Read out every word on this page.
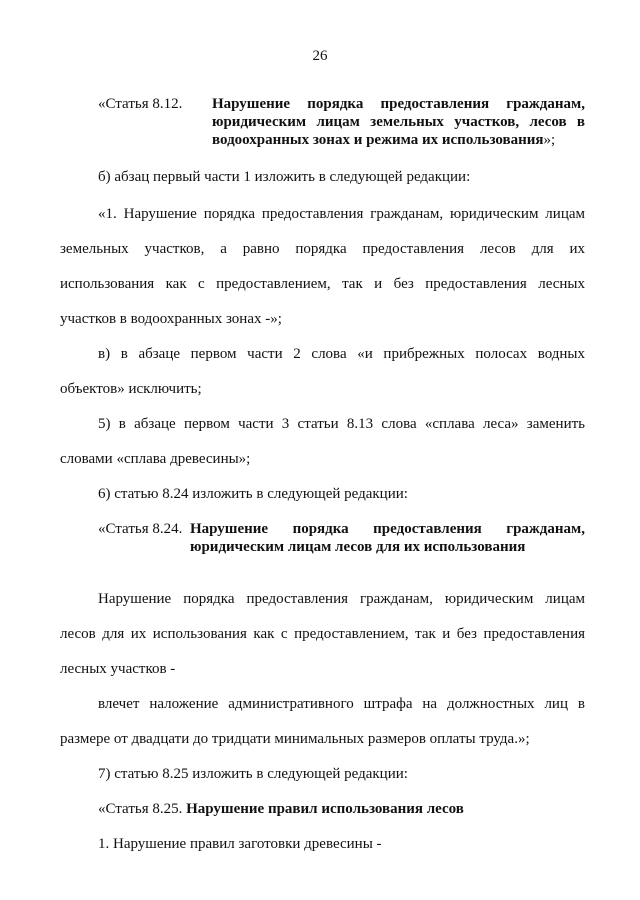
26
«Статья 8.12. Нарушение порядка предоставления гражданам,
юридическим лицам земельных участков, лесов в
водоохранных зонах и режима их использования»;
б) абзац первый части 1 изложить в следующей редакции:
«1. Нарушение порядка предоставления гражданам, юридическим лицам
земельных участков, а равно порядка предоставления лесов для их
использования как с предоставлением, так и без предоставления лесных
участков в водоохранных зонах -»;
в) в абзаце первом части 2 слова «и прибрежных полосах водных
объектов» исключить;
5) в абзаце первом части 3 статьи 8.13 слова «сплава леса» заменить
словами «сплава древесины»;
6) статью 8.24 изложить в следующей редакции:
«Статья 8.24. Нарушение порядка предоставления гражданам,
юридическим лицам лесов для их использования
Нарушение порядка предоставления гражданам, юридическим лицам
лесов для их использования как с предоставлением, так и без предоставления
лесных участков -
влечет наложение административного штрафа на должностных лиц в
размере от двадцати до тридцати минимальных размеров оплаты труда.»;
7) статью 8.25 изложить в следующей редакции:
«Статья 8.25. Нарушение правил использования лесов
1. Нарушение правил заготовки древесины -
